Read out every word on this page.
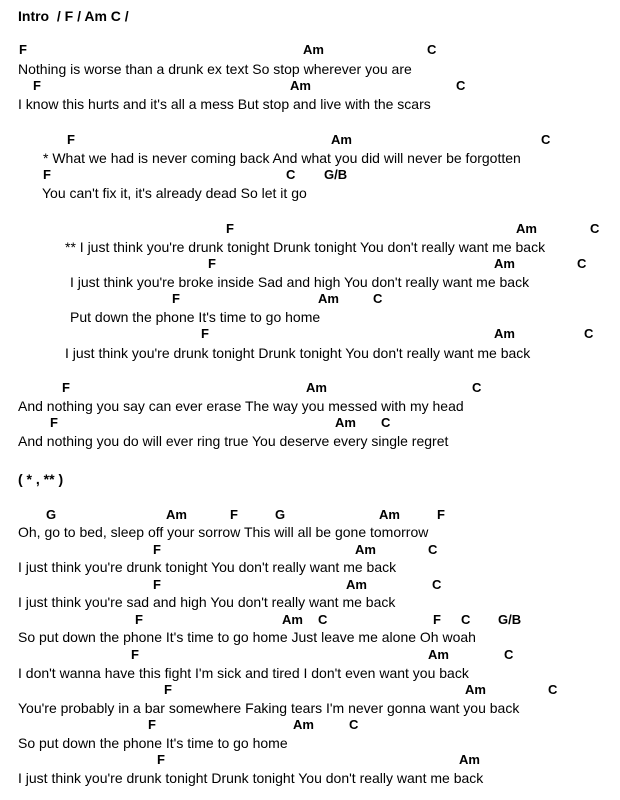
Intro  / F / Am C /
F	Am	C
Nothing is worse than a drunk ex text So stop wherever you are
F	Am	C
I know this hurts and it's all a mess But stop and live with the scars
F	Am	C
* What we had is never coming back And what you did will never be forgotten
F	C G/B
You can't fix it, it's already dead So let it go
F	Am	C
** I just think you're drunk tonight Drunk tonight You don't really want me back
F	Am	C
I just think you're broke inside Sad and high You don't really want me back
F	Am	C
Put down the phone It's time to go home
F	Am	C
I just think you're drunk tonight Drunk tonight You don't really want me back
F	Am	C
And nothing you say can ever erase The way you messed with my head
F	Am C
And nothing you do will ever ring true You deserve every single regret
( * , ** )
G	Am	F	G	Am	F
Oh, go to bed, sleep off your sorrow This will all be gone tomorrow
F	Am	C
I just think you're drunk tonight You don't really want me back
F	Am	C
I just think you're sad and high You don't really want me back
F	Am C	F C G/B
So put down the phone It's time to go home Just leave me alone Oh woah
F	Am	C
I don't wanna have this fight I'm sick and tired I don't even want you back
F	Am	C
You're probably in a bar somewhere Faking tears I'm never gonna want you back
F	Am	C
So put down the phone It's time to go home
F	Am
I just think you're drunk tonight Drunk tonight You don't really want me back
